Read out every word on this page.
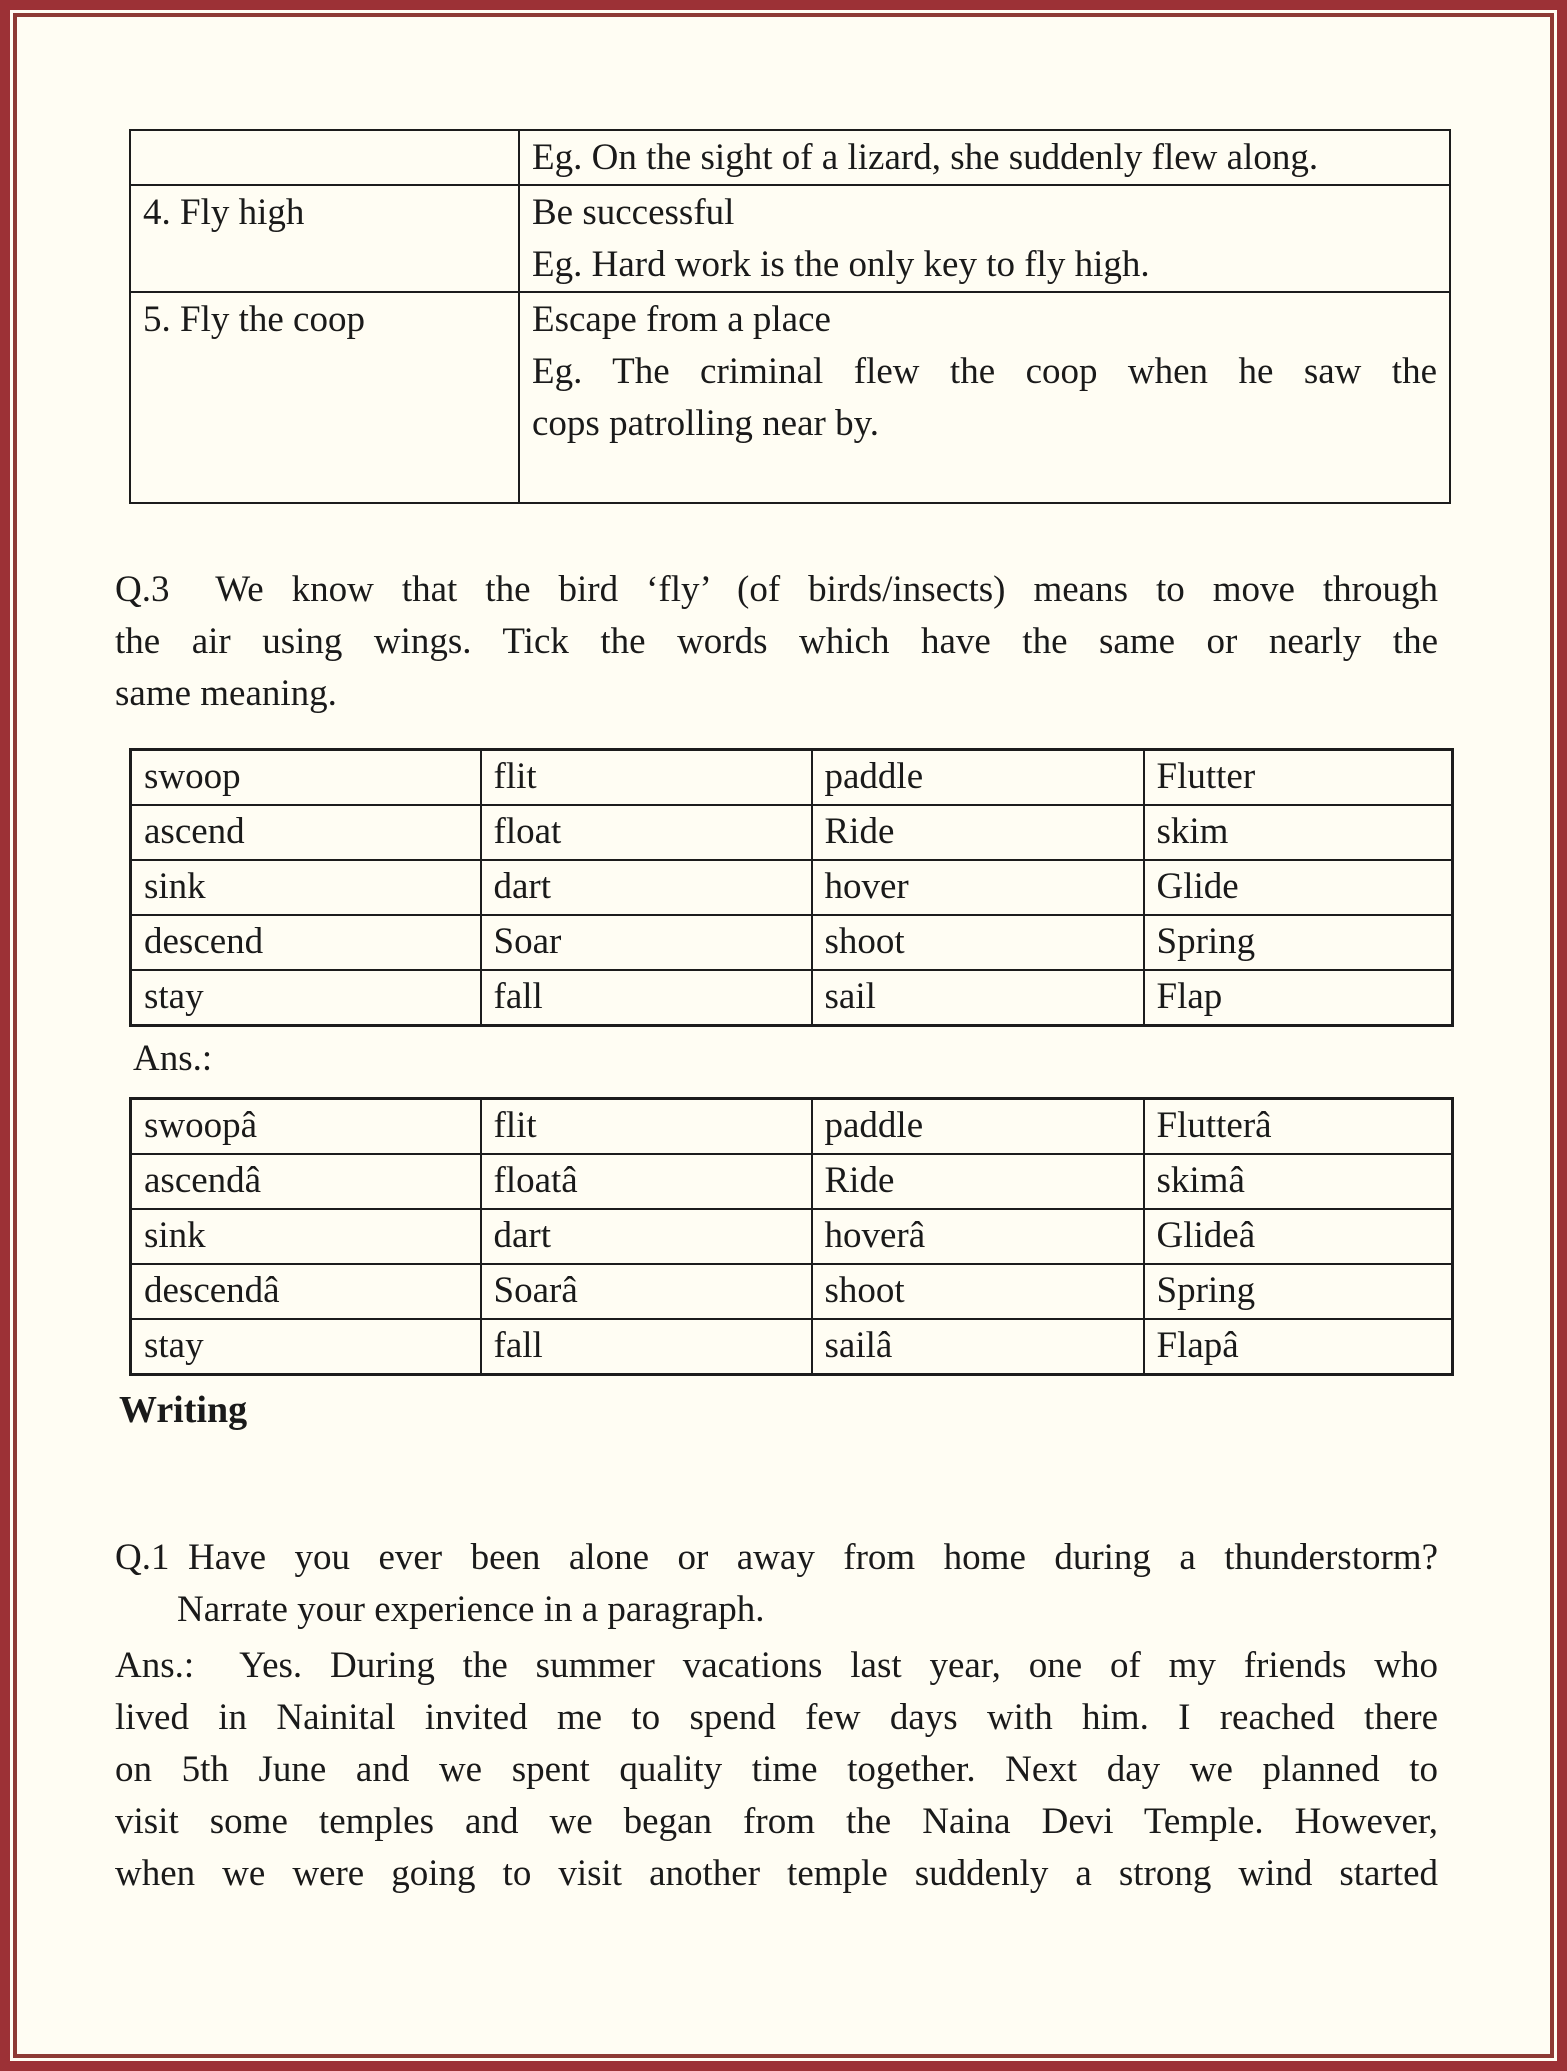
	Eg. On the sight of a lizard, she suddenly flew along.

4. Fly high	Be successful
Eg. Hard work is the only key to fly high.

5. Fly the coop	Escape from a place
Eg. The criminal flew the coop when he saw the
cops patrolling near by.

Q.3  We know that the bird ‘fly’ (of birds/insects) means to move through
the air using wings. Tick the words which have the same or nearly the
same meaning.
swoop	flit	paddle	Flutter
ascend	float	Ride	skim
sink	dart	hover	Glide
descend	Soar	shoot	Spring
stay	fall	sail	Flap
Ans.:
swoopâ	flit	paddle	Flutterâ
ascendâ	floatâ	Ride	skimâ
sink	dart	hoverâ	Glideâ
descendâ	Soarâ	shoot	Spring
stay	fall	sailâ	Flapâ
Writing
Q.1 Have you ever been alone or away from home during a thunderstorm?
Narrate your experience in a paragraph.
Ans.:  Yes. During the summer vacations last year, one of my friends who
lived in Nainital invited me to spend few days with him. I reached there
on 5th June and we spent quality time together. Next day we planned to
visit some temples and we began from the Naina Devi Temple. However,
when we were going to visit another temple suddenly a strong wind started
